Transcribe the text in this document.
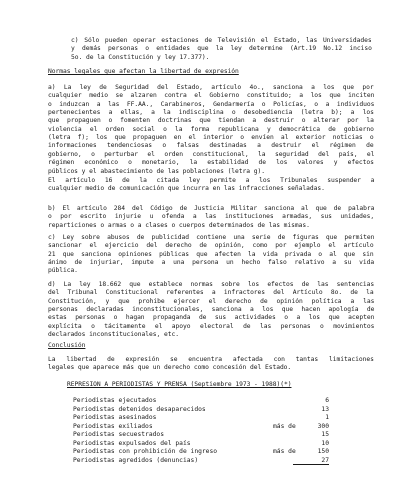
c) Sólo pueden operar estaciones de Televisión el Estado, las Universidades
y demás personas o entidades que la ley determine (Art.19 No.12 inciso
5o. de la Constitución y ley 17.377).
Normas legales que afectan la libertad de expresión
a) La ley de Seguridad del Estado, artículo 4o., sanciona a los que por
cualquier medio se alzaren contra el Gobierno constituido; a los que inciten
o induzcan a las FF.AA., Carabineros, Gendarmería o Policías, o a individuos
pertenecientes a ellas, a la indisciplina o desobediencia (letra b); a los
que propaguen o fomenten doctrinas que tiendan a destruir o alterar por la
violencia el orden social o la forma republicana y democrática de gobierno
(letra f); los que propaguen en el interior o envíen al exterior noticias o
informaciones tendenciosas o falsas destinadas a destruir el régimen de
gobierno, o perturbar el orden constitucional, la seguridad del país, el
régimen económico o monetario, la estabilidad de los valores y efectos
públicos y el abastecimiento de las poblaciones (letra g).
El artículo 16 de la citada ley permite a los Tribunales suspender a
cualquier medio de comunicación que incurra en las infracciones señaladas.
b) El artículo 284 del Código de Justicia Militar sanciona al que de palabra
o por escrito injurie u ofenda a las instituciones armadas, sus unidades,
reparticiones o armas o a clases o cuerpos determinados de las mismas.
c) Ley sobre abusos de publicidad contiene una serie de figuras que permiten
sancionar el ejercicio del derecho de opinión, como por ejemplo el artículo
21 que sanciona opiniones públicas que afecten la vida privada o al que sin
ánimo de injuriar, impute a una persona un hecho falso relativo a su vida
pública.
d) La ley 18.662 que establece normas sobre los efectos de las sentencias
del Tribunal Constitucional referentes a infractores del Artículo 8o. de la
Constitución, y que prohibe ejercer el derecho de opinión política a las
personas declaradas inconstitucionales, sanciona a los que hacen apología de
estas personas o hagan propaganda de sus actividades o a los que acepten
explícita o tácitamente el apoyo electoral de las personas o movimientos
declarados inconstitucionales, etc.
Conclusión
La libertad de expresión se encuentra afectada con tantas limitaciones
legales que aparece más que un derecho como concesión del Estado.
REPRESION A PERIODISTAS Y PRENSA (Septiembre 1973 - 1988)(*)
Periodistas ejecutados	6
Periodistas detenidos desaparecidos	13
Periodistas asesinados	1
Periodistas exiliados	más de	300
Periodistas secuestrados	15
Periodistas expulsados del país	10
Periodistas con prohibición de ingreso	más de	150
Periodistas agredidos (denuncias)	27
